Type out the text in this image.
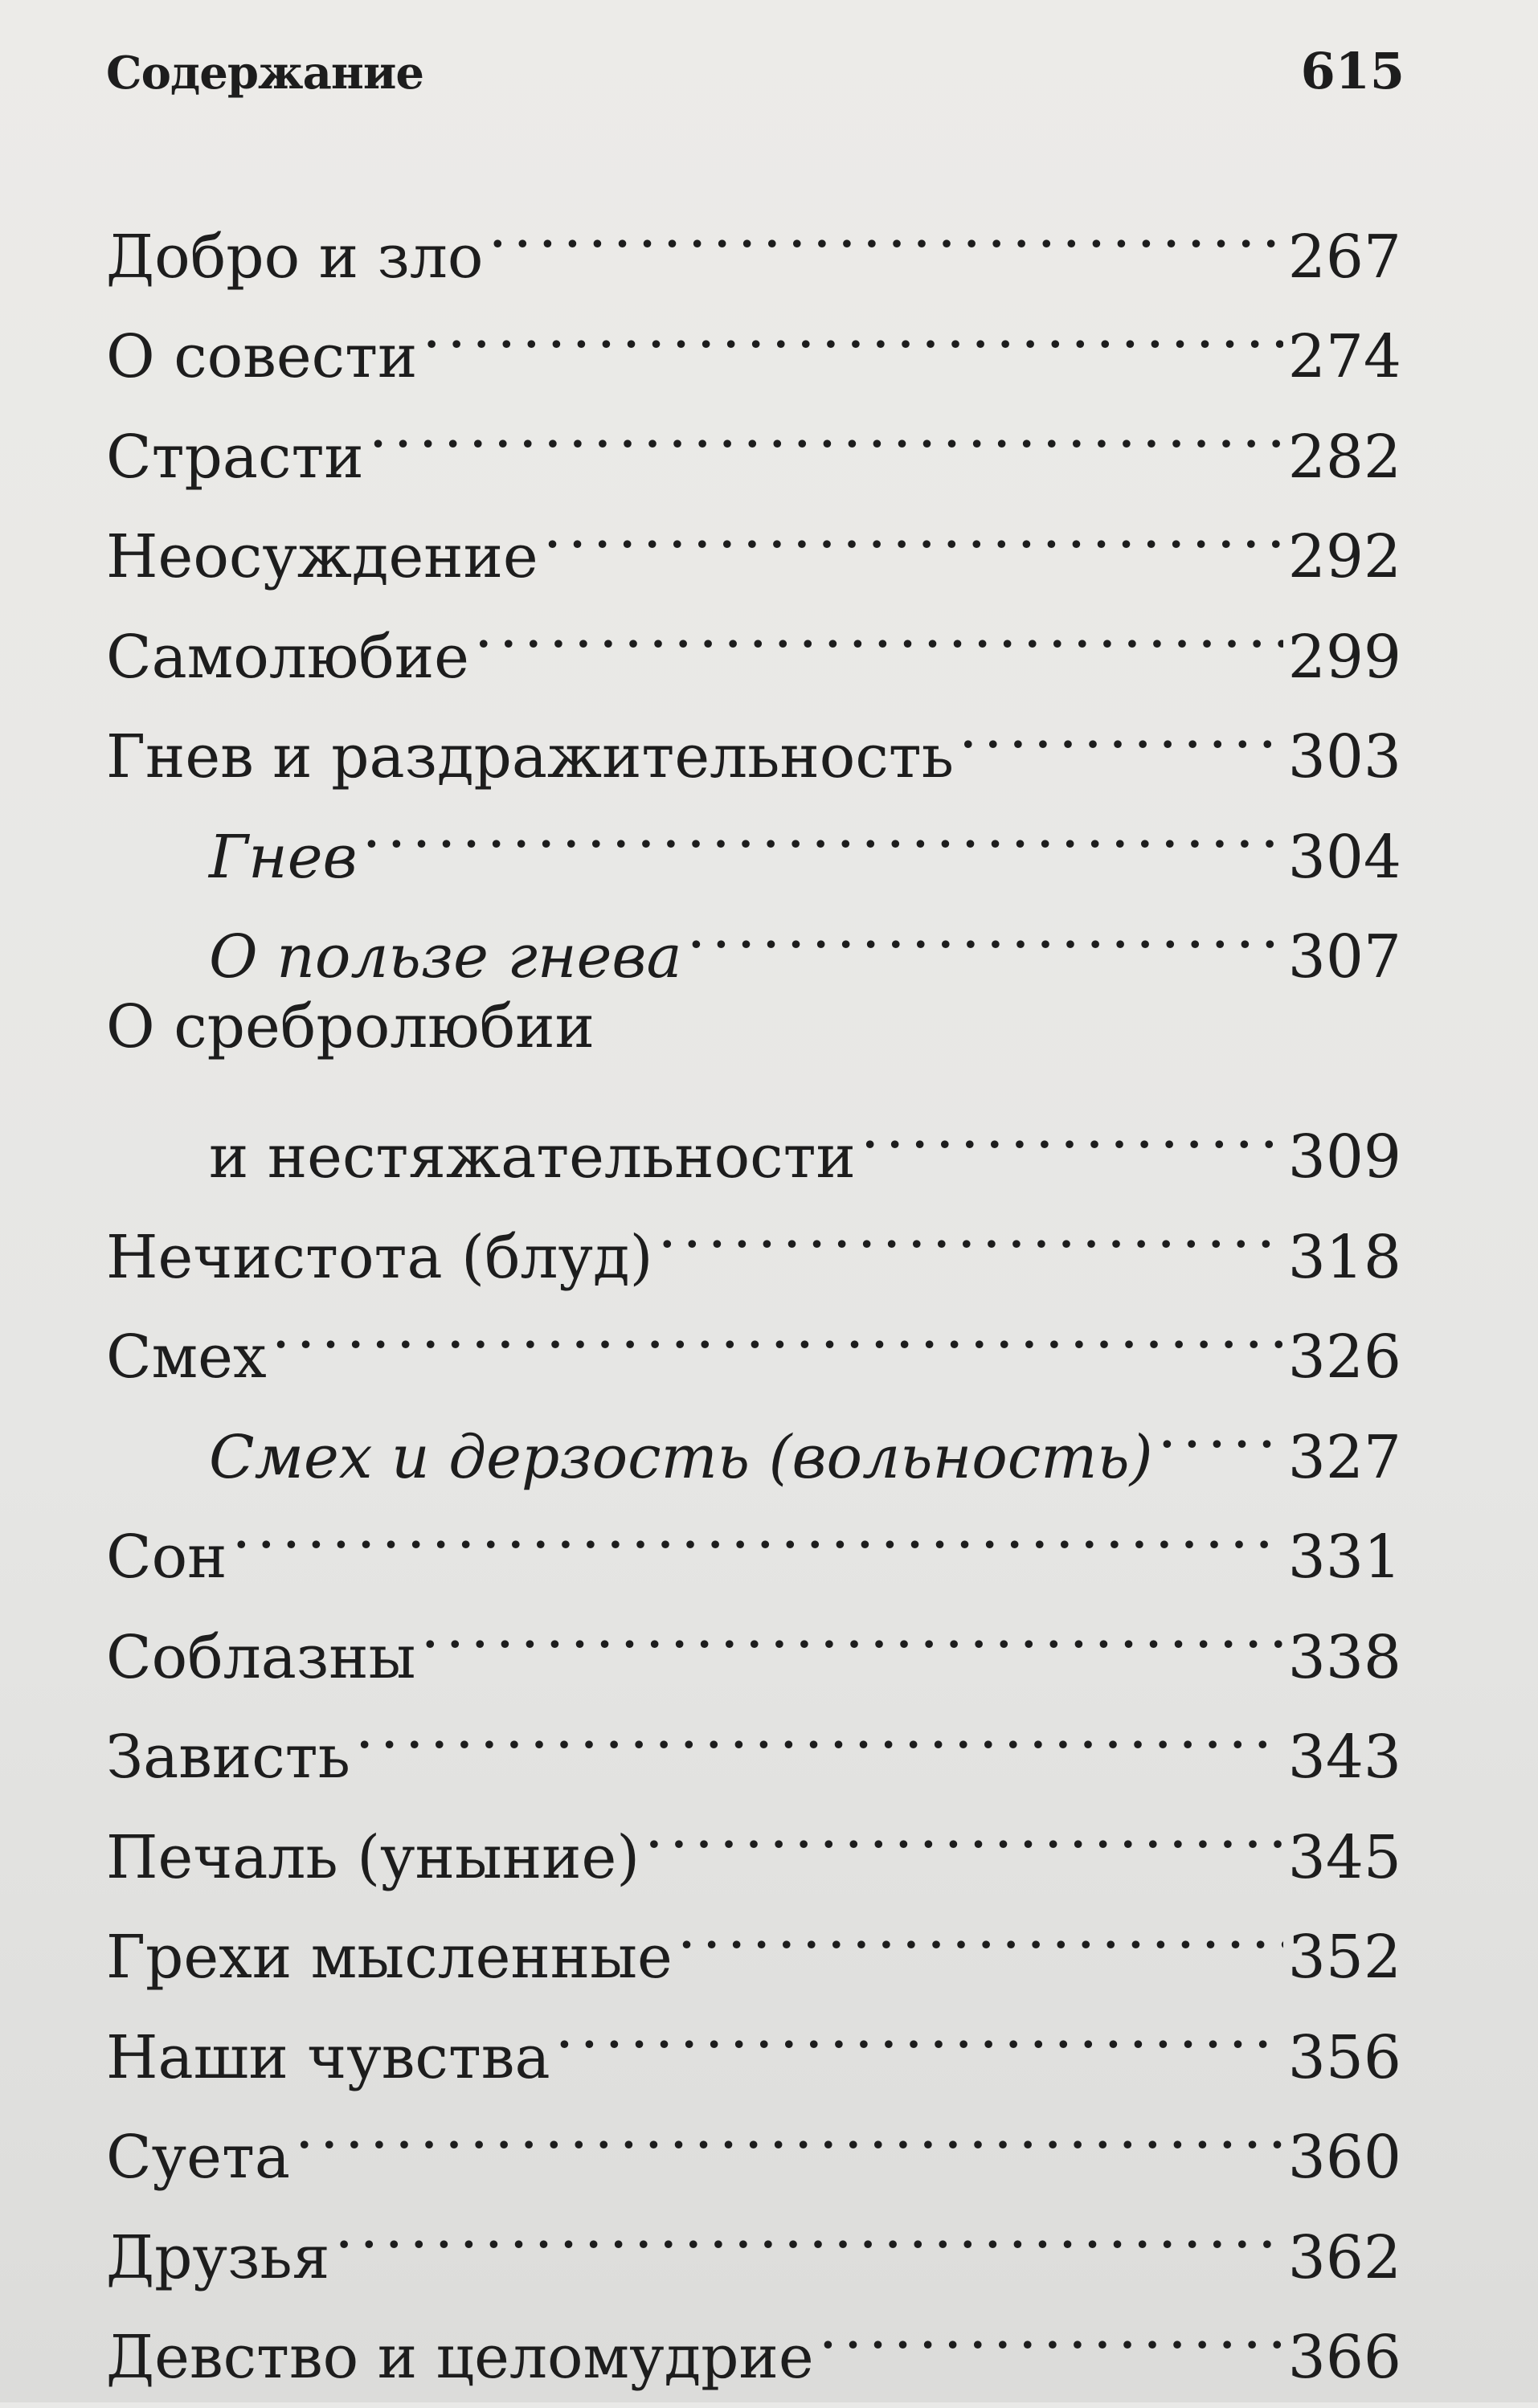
Содержание	615
Добро и зло . . .	267
О совести . . .	274
Страсти . . .	282
Неосуждение . . .	292
Самолюбие . . .	299
Гнев и раздражительность . . .	303
Гнев . . .	304
О пользе гнева . . .	307
О сребролюбии
и нестяжательности . . .	309
Нечистота (блуд) . . .	318
Смех . . .	326
Смех и дерзость (вольность) . . . 327
Сон . . .	331
Соблазны . . .	338
Зависть . . .	343
Печаль (уныние) . . .	345
Грехи мысленные . . .	352
Наши чувства . . .	356
Суета . . .	360
Друзья . . .	362
Девство и целомудрие . . .	366
